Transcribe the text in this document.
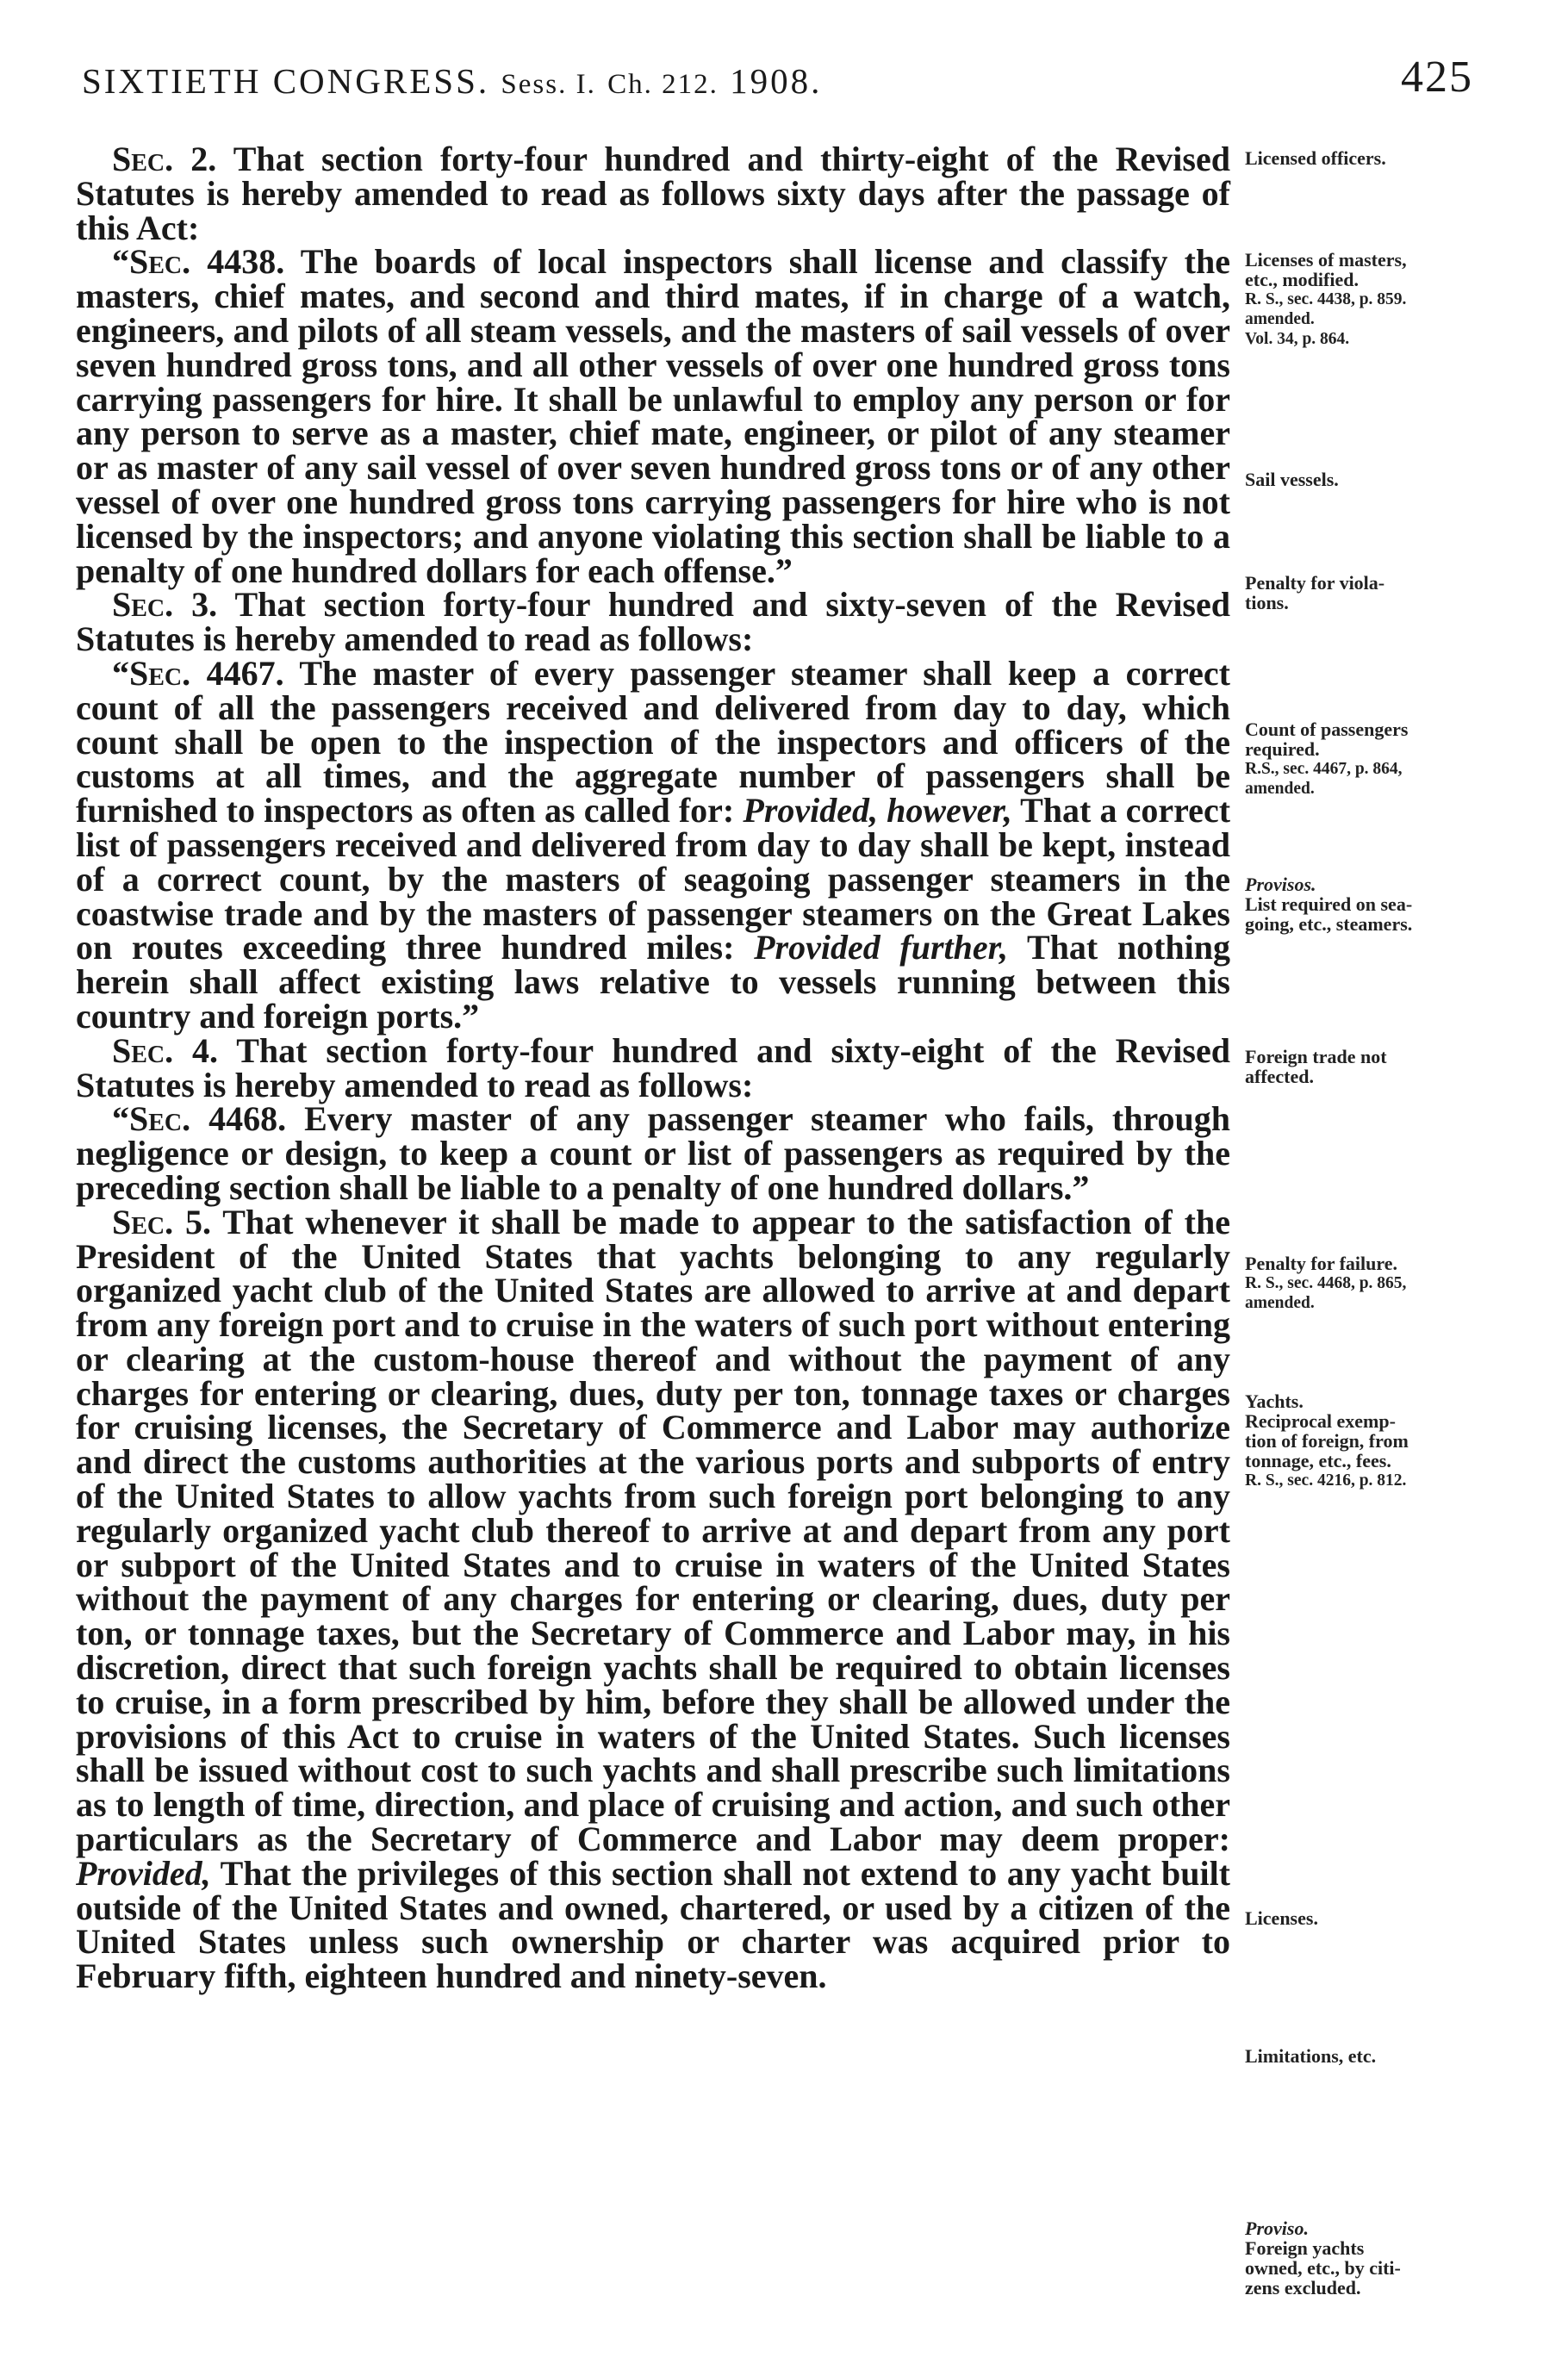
SIXTIETH CONGRESS. Sess. I. Ch. 212. 1908.	425

Sec. 2. That section forty-four hundred and thirty-eight of the Revised Statutes is hereby amended to read as follows sixty days after the passage of this Act:

“Sec. 4438. The boards of local inspectors shall license and classify the masters, chief mates, and second and third mates, if in charge of a watch, engineers, and pilots of all steam vessels, and the masters of sail vessels of over seven hundred gross tons, and all other vessels of over one hundred gross tons carrying passengers for hire. It shall be unlawful to employ any person or for any person to serve as a master, chief mate, engineer, or pilot of any steamer or as master of any sail vessel of over seven hundred gross tons or of any other vessel of over one hundred gross tons carrying passengers for hire who is not licensed by the inspectors; and anyone violating this section shall be liable to a penalty of one hundred dollars for each offense.”

Sec. 3. That section forty-four hundred and sixty-seven of the Revised Statutes is hereby amended to read as follows:

“Sec. 4467. The master of every passenger steamer shall keep a correct count of all the passengers received and delivered from day to day, which count shall be open to the inspection of the inspectors and officers of the customs at all times, and the aggregate number of passengers shall be furnished to inspectors as often as called for: Provided, however, That a correct list of passengers received and delivered from day to day shall be kept, instead of a correct count, by the masters of seagoing passenger steamers in the coastwise trade and by the masters of passenger steamers on the Great Lakes on routes exceeding three hundred miles: Provided further, That nothing herein shall affect existing laws relative to vessels running between this country and foreign ports.”

Sec. 4. That section forty-four hundred and sixty-eight of the Revised Statutes is hereby amended to read as follows:

“Sec. 4468. Every master of any passenger steamer who fails, through negligence or design, to keep a count or list of passengers as required by the preceding section shall be liable to a penalty of one hundred dollars.”

Sec. 5. That whenever it shall be made to appear to the satisfaction of the President of the United States that yachts belonging to any regularly organized yacht club of the United States are allowed to arrive at and depart from any foreign port and to cruise in the waters of such port without entering or clearing at the custom-house thereof and without the payment of any charges for entering or clearing, dues, duty per ton, tonnage taxes or charges for cruising licenses, the Secretary of Commerce and Labor may authorize and direct the customs authorities at the various ports and subports of entry of the United States to allow yachts from such foreign port belonging to any regularly organized yacht club thereof to arrive at and depart from any port or subport of the United States and to cruise in waters of the United States without the payment of any charges for entering or clearing, dues, duty per ton, or tonnage taxes, but the Secretary of Commerce and Labor may, in his discretion, direct that such foreign yachts shall be required to obtain licenses to cruise, in a form prescribed by him, before they shall be allowed under the provisions of this Act to cruise in waters of the United States. Such licenses shall be issued without cost to such yachts and shall prescribe such limitations as to length of time, direction, and place of cruising and action, and such other particulars as the Secretary of Commerce and Labor may deem proper: Provided, That the privileges of this section shall not extend to any yacht built outside of the United States and owned, chartered, or used by a citizen of the United States unless such ownership or charter was acquired prior to February fifth, eighteen hundred and ninety-seven.

Licensed officers.
Licenses of masters,
etc., modified.
R. S., sec. 4438, p. 859.
amended.
Vol. 34, p. 864.
Sail vessels.
Penalty for viola-
tions.
Count of passengers
required.
R.S., sec. 4467, p. 864,
amended.
Provisos.
List required on sea-
going, etc., steamers.
Foreign trade not
affected.
Penalty for failure.
R. S., sec. 4468, p. 865,
amended.
Yachts.
Reciprocal exemp-
tion of foreign, from
tonnage, etc., fees.
R. S., sec. 4216, p. 812.
Licenses.
Limitations, etc.
Proviso.
Foreign yachts
owned, etc., by citi-
zens excluded.
